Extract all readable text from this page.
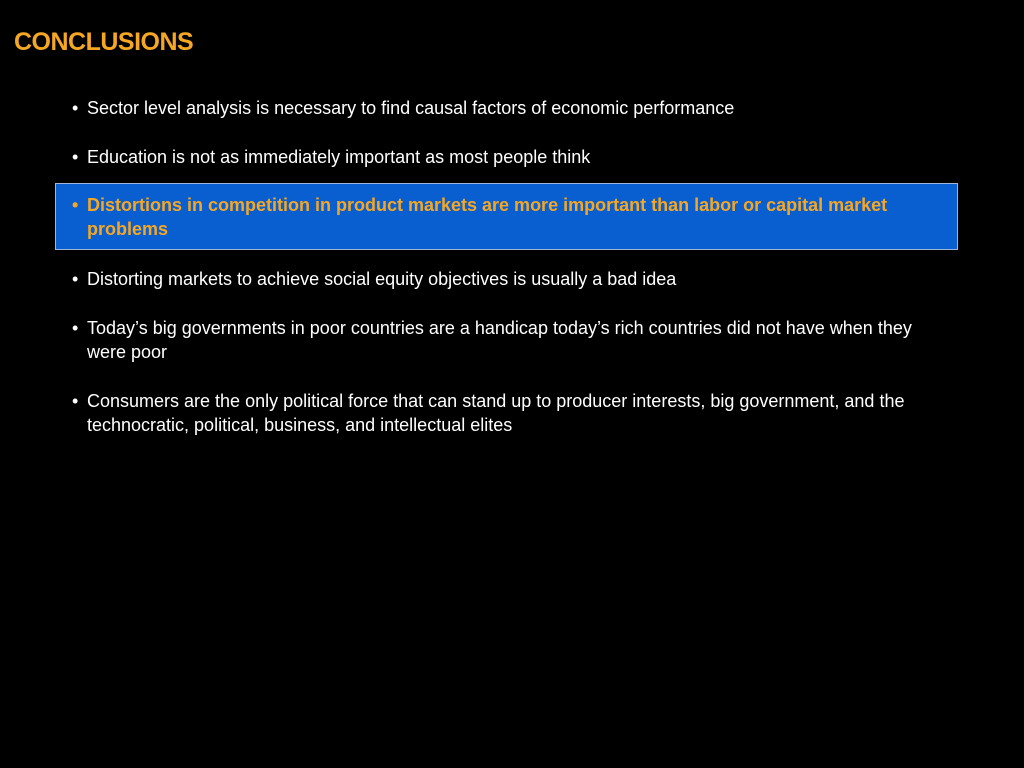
CONCLUSIONS
• Sector level analysis is necessary to find causal factors of economic performance
• Education is not as immediately important as most people think
• Distortions in competition in product markets are more important than labor or capital market problems
• Distorting markets to achieve social equity objectives is usually a bad idea
• Today’s big governments in poor countries are a handicap today’s rich countries did not have when they were poor
• Consumers are the only political force that can stand up to producer interests, big government, and the technocratic, political, business, and intellectual elites
